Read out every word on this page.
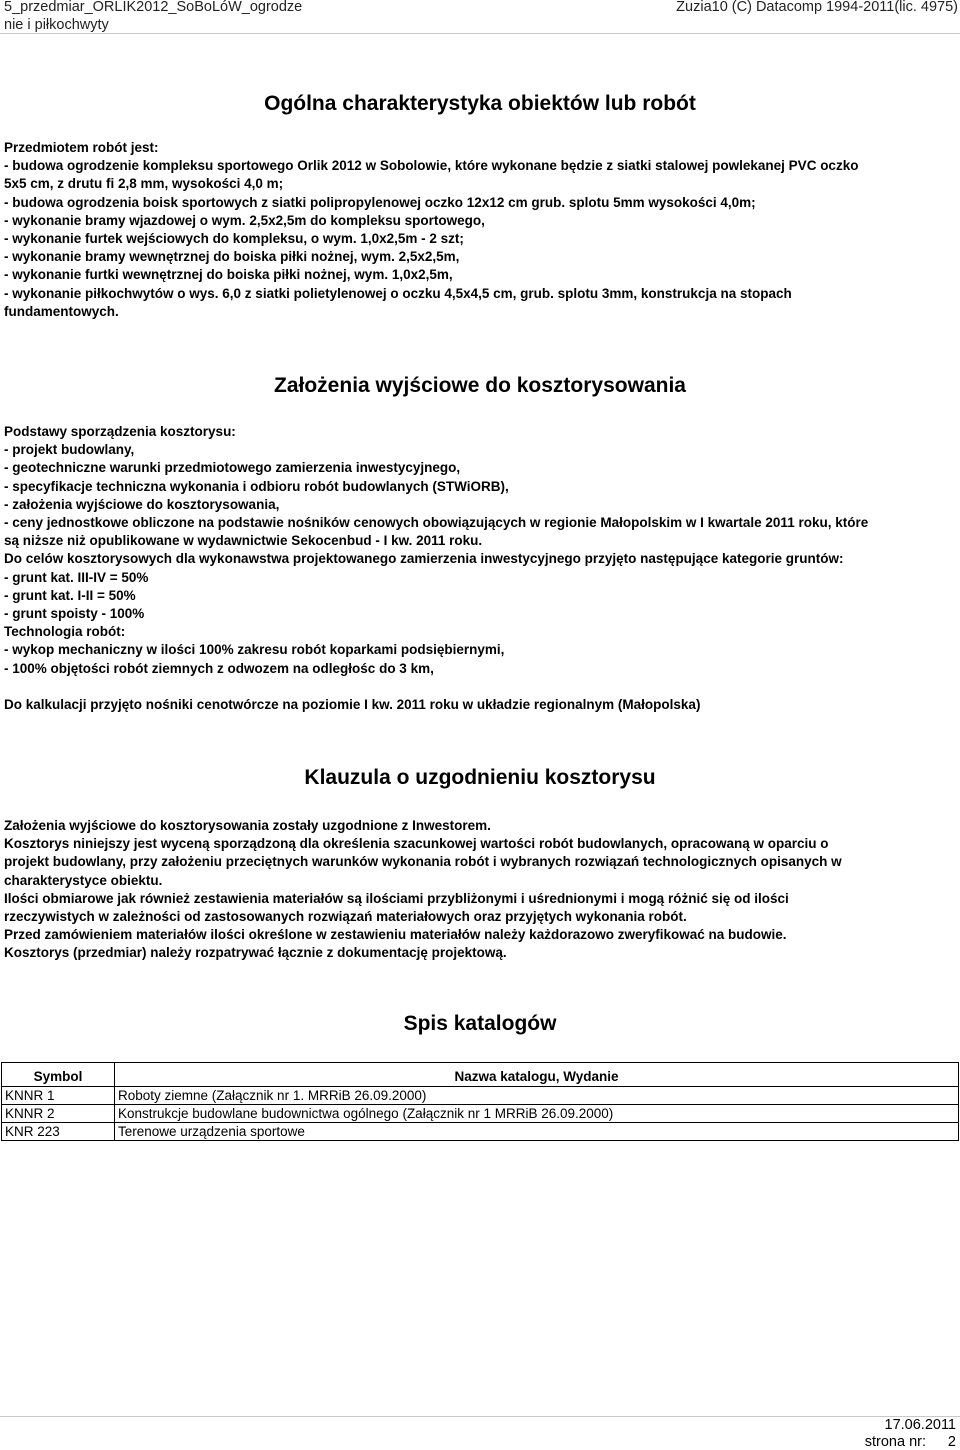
5_przedmiar_ORLIK2012_SoBoLóW_ogrodze
nie i piłkochwyty
Zuzia10 (C) Datacomp 1994-2011(lic. 4975)
Ogólna charakterystyka obiektów lub robót
Przedmiotem robót jest:
- budowa ogrodzenie kompleksu sportowego Orlik 2012 w Sobolowie, które wykonane będzie z siatki stalowej powlekanej PVC oczko
5x5 cm, z drutu fi 2,8 mm, wysokości 4,0 m;
- budowa ogrodzenia boisk sportowych z siatki polipropylenowej oczko 12x12 cm grub. splotu 5mm wysokości 4,0m;
- wykonanie bramy wjazdowej o wym. 2,5x2,5m do kompleksu sportowego,
- wykonanie furtek wejściowych do kompleksu, o wym. 1,0x2,5m - 2 szt;
- wykonanie bramy wewnętrznej do boiska piłki nożnej, wym. 2,5x2,5m,
- wykonanie furtki wewnętrznej do boiska piłki nożnej, wym. 1,0x2,5m,
- wykonanie piłkochwytów o wys. 6,0 z siatki polietylenowej o oczku 4,5x4,5 cm, grub. splotu 3mm, konstrukcja na stopach
fundamentowych.
Założenia wyjściowe do kosztorysowania
Podstawy sporządzenia kosztorysu:
- projekt budowlany,
- geotechniczne warunki przedmiotowego zamierzenia inwestycyjnego,
- specyfikacje techniczna wykonania i odbioru robót budowlanych (STWiORB),
- założenia wyjściowe do kosztorysowania,
- ceny jednostkowe obliczone na podstawie nośników cenowych obowiązujących w regionie Małopolskim w I kwartale 2011 roku, które
są niższe niż opublikowane w wydawnictwie Sekocenbud - I kw. 2011 roku.
Do celów kosztorysowych dla wykonawstwa projektowanego zamierzenia inwestycyjnego przyjęto następujące kategorie gruntów:
- grunt kat. III-IV = 50%
- grunt kat. I-II = 50%
- grunt spoisty - 100%
Technologia robót:
- wykop mechaniczny w ilości 100% zakresu robót koparkami podsiębiernymi,
- 100% objętości robót ziemnych z odwozem na odległośc do 3 km,
Do kalkulacji przyjęto nośniki cenotwórcze na poziomie I kw. 2011 roku w układzie regionalnym (Małopolska)
Klauzula o uzgodnieniu kosztorysu
Założenia wyjściowe do kosztorysowania zostały uzgodnione z Inwestorem.
Kosztorys niniejszy jest wyceną sporządzoną dla określenia szacunkowej wartości robót budowlanych, opracowaną w oparciu o
projekt budowlany, przy założeniu przeciętnych warunków wykonania robót i wybranych rozwiązań technologicznych opisanych w
charakterystyce obiektu.
Ilości obmiarowe jak również zestawienia materiałów są ilościami przybliżonymi i uśrednionymi i mogą różnić się od ilości
rzeczywistych w zależności od zastosowanych rozwiązań materiałowych oraz przyjętych wykonania robót.
Przed zamówieniem materiałów ilości określone w zestawieniu materiałów należy każdorazowo zweryfikować na budowie.
Kosztorys (przedmiar) należy rozpatrywać łącznie z dokumentację projektową.
Spis katalogów
Symbol	Nazwa katalogu, Wydanie
KNNR 1	Roboty ziemne (Załącznik nr 1. MRRiB 26.09.2000)
KNNR 2	Konstrukcje budowlane budownictwa ogólnego (Załącznik nr 1 MRRiB 26.09.2000)
KNR 223	Terenowe urządzenia sportowe
17.06.2011
strona nr: 2
